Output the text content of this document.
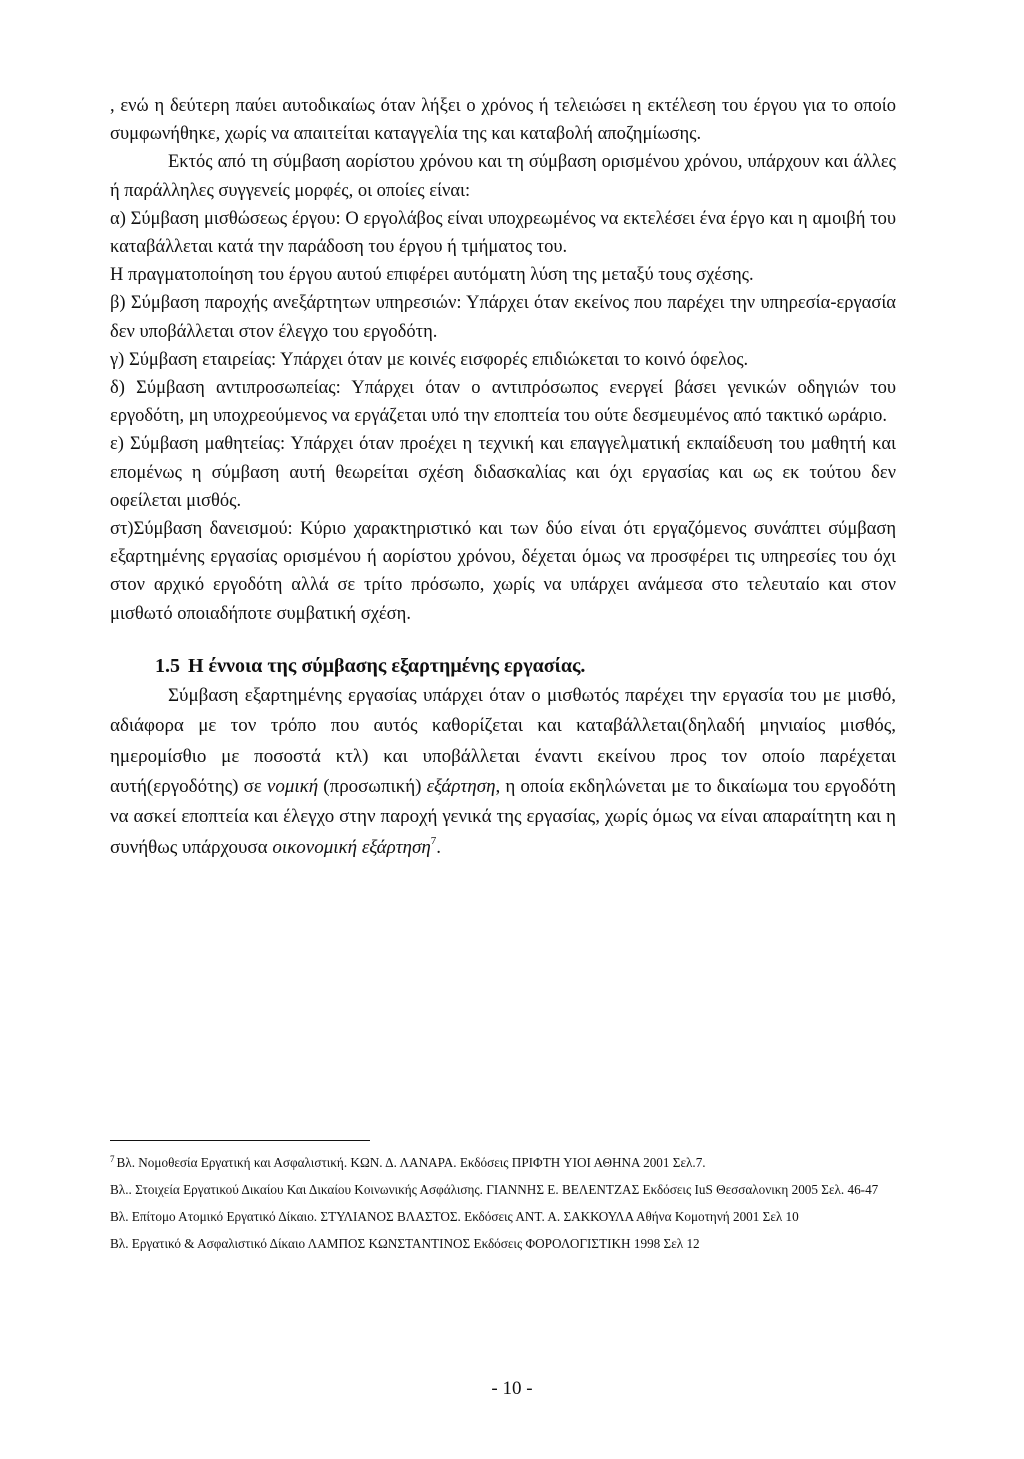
, ενώ η δεύτερη παύει αυτοδικαίως όταν λήξει ο χρόνος ή τελειώσει η εκτέλεση του έργου για το οποίο συμφωνήθηκε, χωρίς να απαιτείται καταγγελία της και καταβολή αποζημίωσης.

Εκτός από τη σύμβαση αορίστου χρόνου και τη σύμβαση ορισμένου χρόνου, υπάρχουν και άλλες ή παράλληλες συγγενείς μορφές, οι οποίες είναι:

α) Σύμβαση μισθώσεως έργου: Ο εργολάβος είναι υποχρεωμένος να εκτελέσει ένα έργο και η αμοιβή του καταβάλλεται κατά την παράδοση του έργου ή τμήματος του.

Η πραγματοποίηση του έργου αυτού επιφέρει αυτόματη λύση της μεταξύ τους σχέσης.

β) Σύμβαση παροχής ανεξάρτητων υπηρεσιών: Υπάρχει όταν εκείνος που παρέχει την υπηρεσία-εργασία δεν υποβάλλεται στον έλεγχο του εργοδότη.

γ) Σύμβαση εταιρείας: Υπάρχει όταν με κοινές εισφορές επιδιώκεται το κοινό όφελος.

δ) Σύμβαση αντιπροσωπείας: Υπάρχει όταν ο αντιπρόσωπος ενεργεί βάσει γενικών οδηγιών του εργοδότη, μη υποχρεούμενος να εργάζεται υπό την εποπτεία του ούτε δεσμευμένος από τακτικό ωράριο.

ε) Σύμβαση μαθητείας: Υπάρχει όταν προέχει η τεχνική και επαγγελματική εκπαίδευση του μαθητή και επομένως η σύμβαση αυτή θεωρείται σχέση διδασκαλίας και όχι εργασίας και ως εκ τούτου δεν οφείλεται μισθός.

στ)Σύμβαση δανεισμού: Κύριο χαρακτηριστικό και των δύο είναι ότι εργαζόμενος συνάπτει σύμβαση εξαρτημένης εργασίας ορισμένου ή αορίστου χρόνου, δέχεται όμως να προσφέρει τις υπηρεσίες του όχι στον αρχικό εργοδότη αλλά σε τρίτο πρόσωπο, χωρίς να υπάρχει ανάμεσα στο τελευταίο και στον μισθωτό οποιαδήποτε συμβατική σχέση.

1.5 Η έννοια της σύμβασης εξαρτημένης εργασίας.

Σύμβαση εξαρτημένης εργασίας υπάρχει όταν ο μισθωτός παρέχει την εργασία του με μισθό, αδιάφορα με τον τρόπο που αυτός καθορίζεται και καταβάλλεται(δηλαδή μηνιαίος μισθός, ημερομίσθιο με ποσοστά κτλ) και υποβάλλεται έναντι εκείνου προς τον οποίο παρέχεται αυτή(εργοδότης) σε νομική (προσωπική) εξάρτηση, η οποία εκδηλώνεται με το δικαίωμα του εργοδότη να ασκεί εποπτεία και έλεγχο στην παροχή γενικά της εργασίας, χωρίς όμως να είναι απαραίτητη και η συνήθως υπάρχουσα οικονομική εξάρτηση$^7$.

$^7$ Βλ. Νομοθεσία Εργατική και Ασφαλιστική. ΚΩΝ. Δ. ΛΑΝΑΡΑ. Εκδόσεις ΠΡΙΦΤΗ ΥΙΟΙ ΑΘΗΝΑ 2001 Σελ.7.

Βλ.. Στοιχεία Εργατικού Δικαίου Και Δικαίου Κοινωνικής Ασφάλισης. ΓΙΑΝΝΗΣ Ε. ΒΕΛΕΝΤΖΑΣ Εκδόσεις IuS Θεσσαλονικη 2005 Σελ. 46-47

Βλ. Επίτομο Ατομικό Εργατικό Δίκαιο. ΣΤΥΛΙΑΝΟΣ ΒΛΑΣΤΟΣ. Εκδόσεις ΑΝΤ. Α. ΣΑΚΚΟΥΛΑ Αθήνα Κομοτηνή 2001 Σελ 10

Βλ. Εργατικό & Ασφαλιστικό Δίκαιο ΛΑΜΠΟΣ ΚΩΝΣΤΑΝΤΙΝΟΣ Εκδόσεις ΦΟΡΟΛΟΓΙΣΤΙΚΗ 1998 Σελ 12

- 10 -
